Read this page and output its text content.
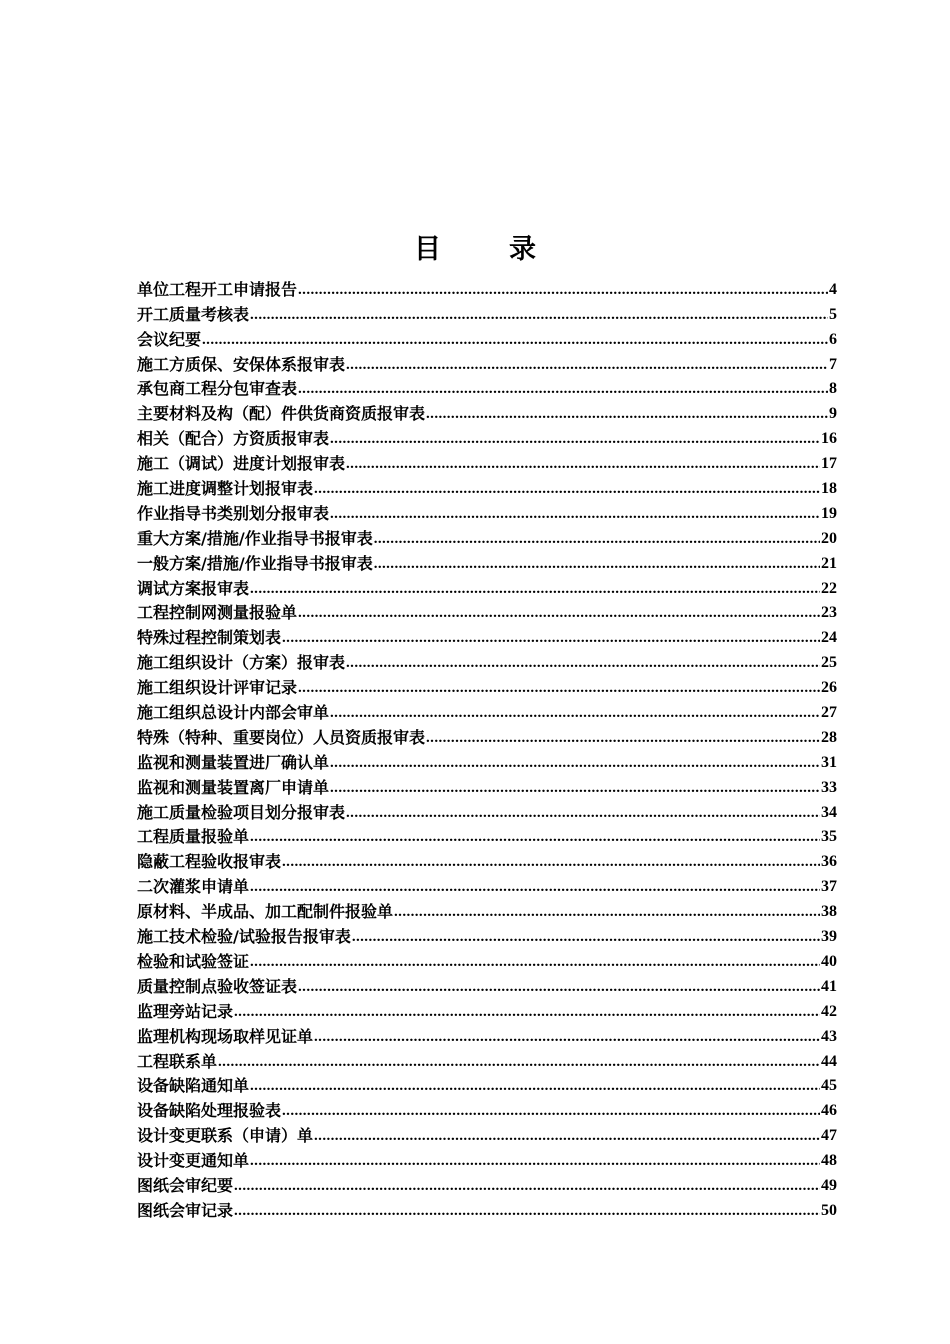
目	录
单位工程开工申请报告 .....	4
开工质量考核表 .....	5
会议纪要 .....	6
施工方质保、安保体系报审表 .....	7
承包商工程分包审查表 .....	8
主要材料及构（配）件供货商资质报审表 .....	9
相关（配合）方资质报审表 .....	16
施工（调试）进度计划报审表 .....	17
施工进度调整计划报审表 .....	18
作业指导书类别划分报审表 .....	19
重大方案/措施/作业指导书报审表 .....	20
一般方案/措施/作业指导书报审表 .....	21
调试方案报审表 .....	22
工程控制网测量报验单 .....	23
特殊过程控制策划表 .....	24
施工组织设计（方案）报审表 .....	25
施工组织设计评审记录 .....	26
施工组织总设计内部会审单 .....	27
特殊（特种、重要岗位）人员资质报审表 .....	28
监视和测量装置进厂确认单 .....	31
监视和测量装置离厂申请单 .....	33
施工质量检验项目划分报审表 .....	34
工程质量报验单 .....	35
隐蔽工程验收报审表 .....	36
二次灌浆申请单 .....	37
原材料、半成品、加工配制件报验单 .....	38
施工技术检验/试验报告报审表 .....	39
检验和试验签证 .....	40
质量控制点验收签证表 .....	41
监理旁站记录 .....	42
监理机构现场取样见证单 .....	43
工程联系单 .....	44
设备缺陷通知单 .....	45
设备缺陷处理报验表 .....	46
设计变更联系（申请）单 .....	47
设计变更通知单 .....	48
图纸会审纪要 .....	49
图纸会审记录 .....	50
